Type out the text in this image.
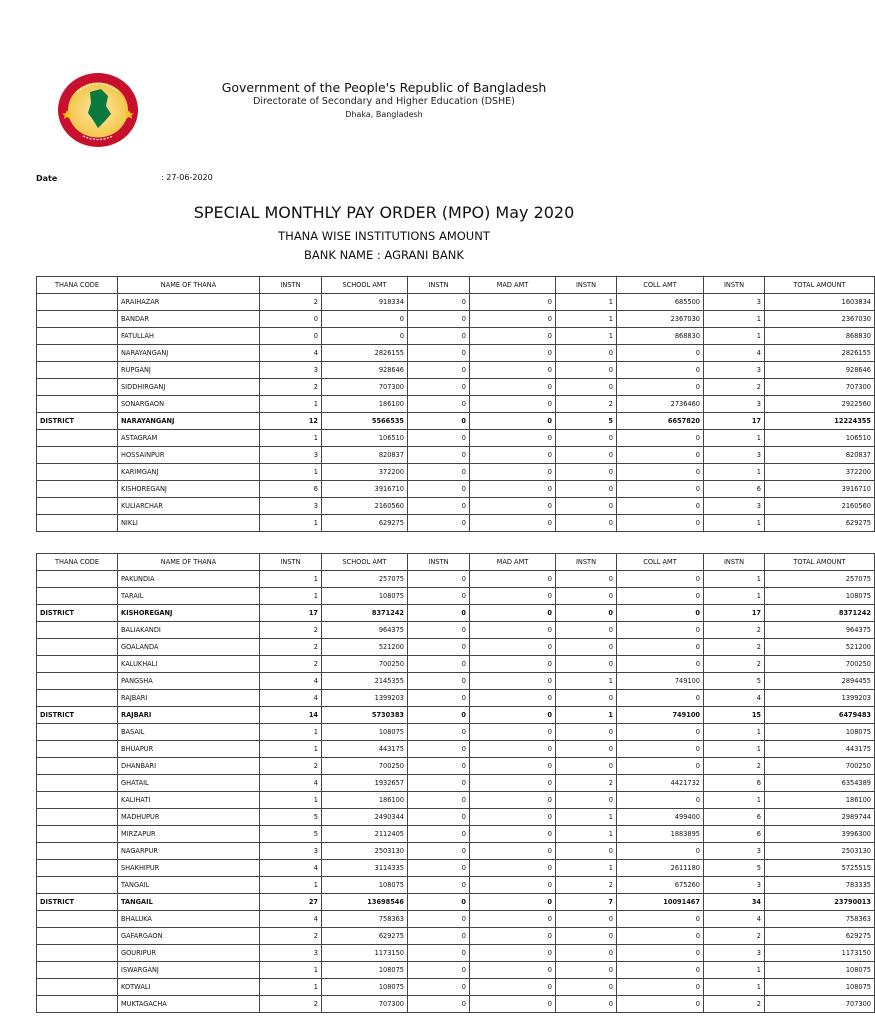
Government of the People's Republic of Bangladesh
Directorate of Secondary and Higher Education (DSHE)
Dhaka, Bangladesh
Date	: 27-06-2020
SPECIAL MONTHLY PAY ORDER (MPO) May 2020
THANA WISE INSTITUTIONS AMOUNT
BANK NAME : AGRANI BANK
THANA CODE	NAME OF THANA	INSTN	SCHOOL AMT	INSTN	MAD AMT	INSTN	COLL AMT	INSTN	TOTAL AMOUNT
	ARAIHAZAR	2	918334	0	0	1	685500	3	1603834
	BANDAR	0	0	0	0	1	2367030	1	2367030
	FATULLAH	0	0	0	0	1	868830	1	868830
	NARAYANGANJ	4	2826155	0	0	0	0	4	2826155
	RUPGANJ	3	928646	0	0	0	0	3	928646
	SIDDHIRGANJ	2	707300	0	0	0	0	2	707300
	SONARGAON	1	186100	0	0	2	2736460	3	2922560
DISTRICT	NARAYANGANJ	12	5566535	0	0	5	6657820	17	12224355
	ASTAGRAM	1	106510	0	0	0	0	1	106510
	HOSSAINPUR	3	820837	0	0	0	0	3	820837
	KARIMGANJ	1	372200	0	0	0	0	1	372200
	KISHOREGANJ	6	3916710	0	0	0	0	6	3916710
	KULIARCHAR	3	2160560	0	0	0	0	3	2160560
	NIKLI	1	629275	0	0	0	0	1	629275
THANA CODE	NAME OF THANA	INSTN	SCHOOL AMT	INSTN	MAD AMT	INSTN	COLL AMT	INSTN	TOTAL AMOUNT
	PAKUNDIA	1	257075	0	0	0	0	1	257075
	TARAIL	1	108075	0	0	0	0	1	108075
DISTRICT	KISHOREGANJ	17	8371242	0	0	0	0	17	8371242
	BALIAKANDI	2	964375	0	0	0	0	2	964375
	GOALANDA	2	521200	0	0	0	0	2	521200
	KALUKHALI	2	700250	0	0	0	0	2	700250
	PANGSHA	4	2145355	0	0	1	749100	5	2894455
	RAJBARI	4	1399203	0	0	0	0	4	1399203
DISTRICT	RAJBARI	14	5730383	0	0	1	749100	15	6479483
	BASAIL	1	108075	0	0	0	0	1	108075
	BHUAPUR	1	443175	0	0	0	0	1	443175
	DHANBARI	2	700250	0	0	0	0	2	700250
	GHATAIL	4	1932657	0	0	2	4421732	6	6354389
	KALIHATI	1	186100	0	0	0	0	1	186100
	MADHUPUR	5	2490344	0	0	1	499400	6	2989744
	MIRZAPUR	5	2112405	0	0	1	1883895	6	3996300
	NAGARPUR	3	2503130	0	0	0	0	3	2503130
	SHAKHIPUR	4	3114335	0	0	1	2611180	5	5725515
	TANGAIL	1	108075	0	0	2	675260	3	783335
DISTRICT	TANGAIL	27	13698546	0	0	7	10091467	34	23790013
	BHALUKA	4	758363	0	0	0	0	4	758363
	GAFARGAON	2	629275	0	0	0	0	2	629275
	GOURIPUR	3	1173150	0	0	0	0	3	1173150
	ISWARGANJ	1	108075	0	0	0	0	1	108075
	KOTWALI	1	108075	0	0	0	0	1	108075
	MUKTAGACHA	2	707300	0	0	0	0	2	707300
